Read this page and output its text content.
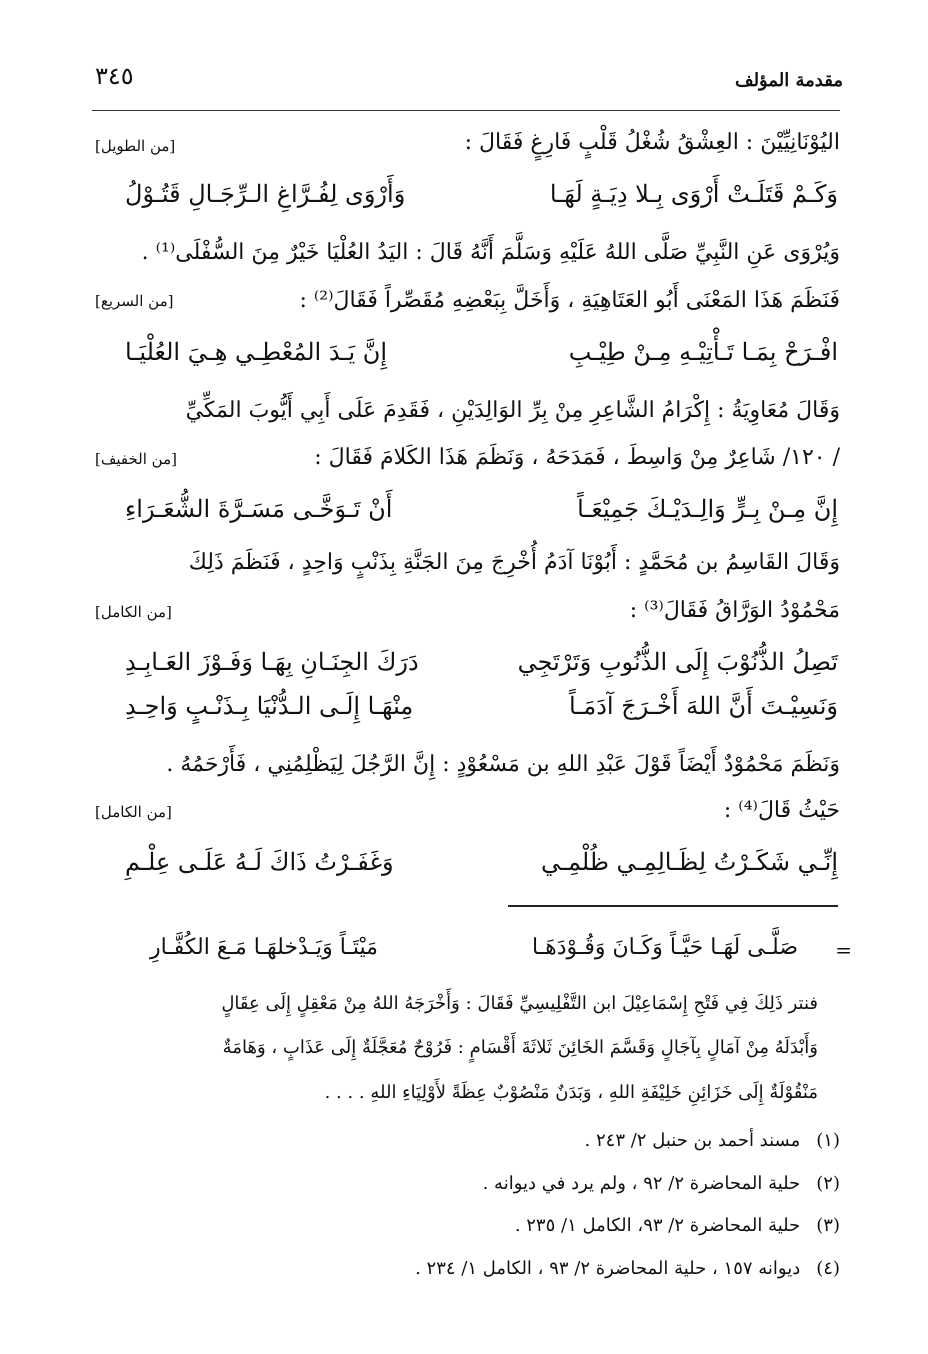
مقدمة المؤلف
٣٤٥
اليُوْنَانِيِّيْنَ : العِشْقُ شُغْلُ قَلْبٍ فَارِغٍ فَقَالَ :
[من الطويل]
وَكَـمْ قَتَلَـتْ أَرْوَى بِـلا دِيَـةٍ لَهَـا
وَأَرْوَى لِفُـرَّاغِ الـرِّجَـالِ قَتُـوْلُ
وَيُرْوَى عَنِ النَّبِيِّ صَلَّى اللهُ عَلَيْهِ وَسَلَّمَ أَنَّهُ قَالَ : اليَدُ العُلْيَا خَيْرٌ مِنَ السُّفْلَى⁽¹⁾ .
فَنَظَمَ هَذَا المَعْنَى أَبُو العَتَاهِيَةِ ، وَأَخَلَّ بِبَعْضِهِ مُقَصِّراً فَقَالَ⁽²⁾ :
[من السريع]
افْـرَحْ بِمَـا تَـأْتِيْـهِ مِـنْ طِيْـبِ
إِنَّ يَـدَ المُعْطِـي هِـيَ العُلْيَـا
وَقَالَ مُعَاوِيَةُ : إِكْرَامُ الشَّاعِرِ مِنْ بِرِّ الوَالِدَيْنِ ، فَقَدِمَ عَلَى أَبِي أَيُّوبَ المَكِّيِّ
/ ١٢٠/ شَاعِرٌ مِنْ وَاسِطَ ، فَمَدَحَهُ ، وَنَظَمَ هَذَا الكَلامَ فَقَالَ :
[من الخفيف]
إِنَّ مِـنْ بِـرٍّ وَالِـدَيْـكَ جَمِيْعَـاً
أَنْ تَـوَخَّـى مَسَـرَّةَ الشُّعَـرَاءِ
وَقَالَ القَاسِمُ بن مُحَمَّدٍ : أَبُوْنَا آدَمُ أُخْرِجَ مِنَ الجَنَّةِ بِذَنْبٍ وَاحِدٍ ، فَنَظَمَ ذَلِكَ
مَحْمُوْدُ الوَرَّاقُ فَقَالَ⁽³⁾ :
[من الكامل]
تَصِلُ الذُّنُوْبَ إِلَى الذُّنُوبِ وَتَرْتَجِي
دَرَكَ الجِنَـانِ بِهَـا وَفَـوْزَ العَـابِـدِ
وَنَسِيْـتَ أَنَّ اللهَ أَخْـرَجَ آدَمَـاً
مِنْهَـا إِلَـى الـدُّنْيَا بِـذَنْـبٍ وَاحِـدِ
وَنَظَمَ مَحْمُوْدٌ أَيْضَاً قَوْلَ عَبْدِ اللهِ بن مَسْعُوْدٍ : إِنَّ الرَّجُلَ لِيَظْلِمُنِي ، فَأَرْحَمُهُ .
حَيْثُ قَالَ⁽⁴⁾ :
[من الكامل]
إِنِّـي شَكَـرْتُ لِظَـالِمِـي ظُلْمِـي
وَغَفَـرْتُ ذَاكَ لَـهُ عَلَـى عِلْـمِ
=
صَلَّـى لَهَـا حَيَّـاً وَكَـانَ وَقُـوْدَهَـا
مَيْتَـاً وَيَـدْخلهَـا مَـعَ الكُفَّـارِ
فنتر ذَلِكَ فِي فَتْحِ إِسْمَاعِيْلَ ابن التَّفْلِيسِيِّ فَقَالَ : وَأَخْرَجَهُ اللهُ مِنْ مَعْقِلٍ إِلَى عِقَالٍ
وَأَبْدَلَهُ مِنْ آمَالٍ بِآجَالٍ وَقَسَّمَ الخَائِنَ ثَلاثَةَ أَقْسَامٍ : فَرُوْحٌ مُعَجَّلَةٌ إِلَى عَذَابٍ ، وَهَامَةٌ
مَنْقُوْلَةٌ إِلَى خَزَائِنِ خَلِيْفَةِ اللهِ ، وَبَدَنٌ مَنْصُوْبٌ عِظَةً لأَوْلِيَاءِ اللهِ . . . .
(١)مسند أحمد بن حنبل ٢/ ٢٤٣ .
(٢)حلية المحاضرة ٢/ ٩٢ ، ولم يرد في ديوانه .
(٣)حلية المحاضرة ٢/ ٩٣، الكامل ١/ ٢٣٥ .
(٤)ديوانه ١٥٧ ، حلية المحاضرة ٢/ ٩٣ ، الكامل ١/ ٢٣٤ .
